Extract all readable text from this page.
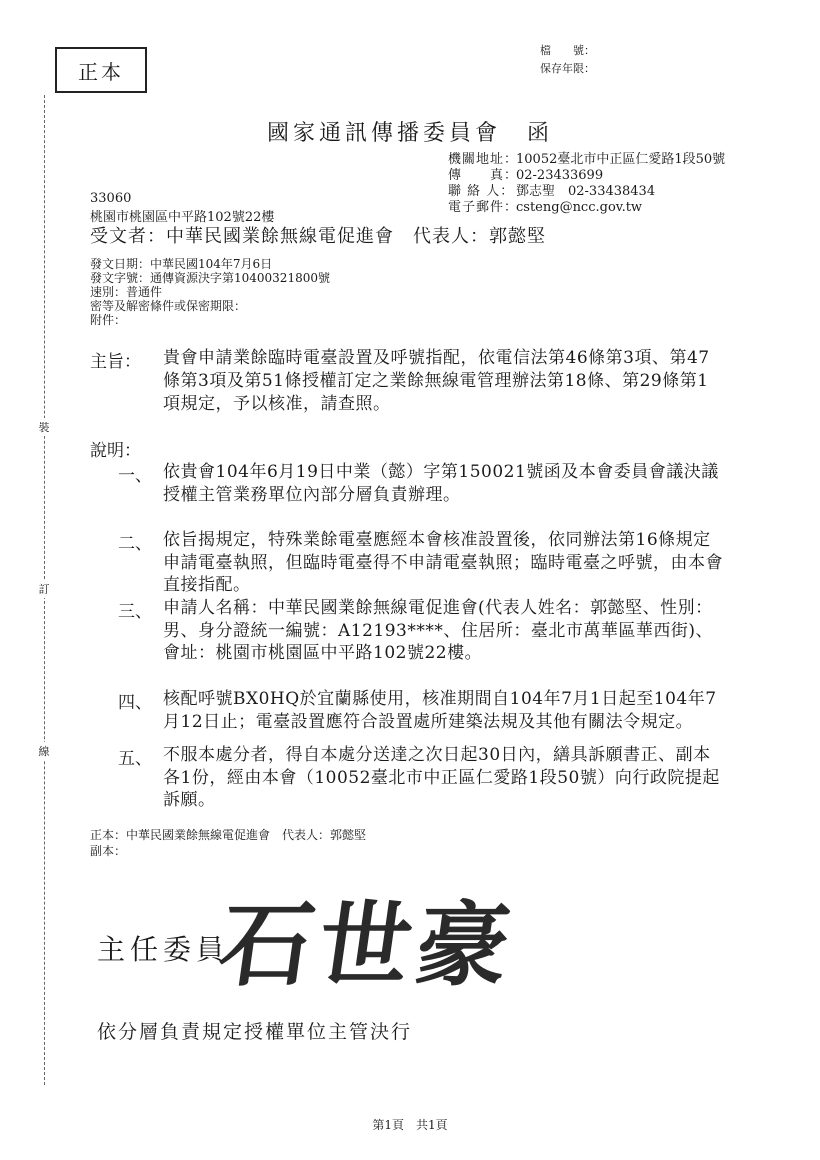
正本
檔　　號：
保存年限：
裝
訂
線
國家通訊傳播委員會　函
機關地址：10052臺北市中正區仁愛路1段50號
傳　　真：02-23433699
聯 絡 人： 鄧志聖　02-33438434
電子郵件：csteng@ncc.gov.tw
33060
桃園市桃園區中平路102號22樓
受文者：中華民國業餘無線電促進會　代表人：郭懿堅
發文日期：中華民國104年7月6日
發文字號：通傳資源決字第10400321800號
速別：普通件
密等及解密條件或保密期限：
附件：
主旨： 貴會申請業餘臨時電臺設置及呼號指配，依電信法第46條第3項、第47條第3項及第51條授權訂定之業餘無線電管理辦法第18條、第29條第1項規定，予以核准，請查照。
說明：
一、 依貴會104年6月19日中業（懿）字第150021號函及本會委員會議決議授權主管業務單位內部分層負責辦理。
二、 依旨揭規定，特殊業餘電臺應經本會核准設置後，依同辦法第16條規定申請電臺執照，但臨時電臺得不申請電臺執照；臨時電臺之呼號，由本會直接指配。
三、 申請人名稱：中華民國業餘無線電促進會(代表人姓名：郭懿堅、性別：男、身分證統一編號：A12193****、住居所：臺北市萬華區華西街)、會址：桃園市桃園區中平路102號22樓。
四、 核配呼號BX0HQ於宜蘭縣使用，核准期間自104年7月1日起至104年7月12日止；電臺設置應符合設置處所建築法規及其他有關法令規定。
五、 不服本處分者，得自本處分送達之次日起30日內，繕具訴願書正、副本各1份，經由本會（10052臺北市中正區仁愛路1段50號）向行政院提起訴願。
正本：中華民國業餘無線電促進會　代表人：郭懿堅
副本：
主任委員
石世豪
依分層負責規定授權單位主管決行
第1頁　共1頁
